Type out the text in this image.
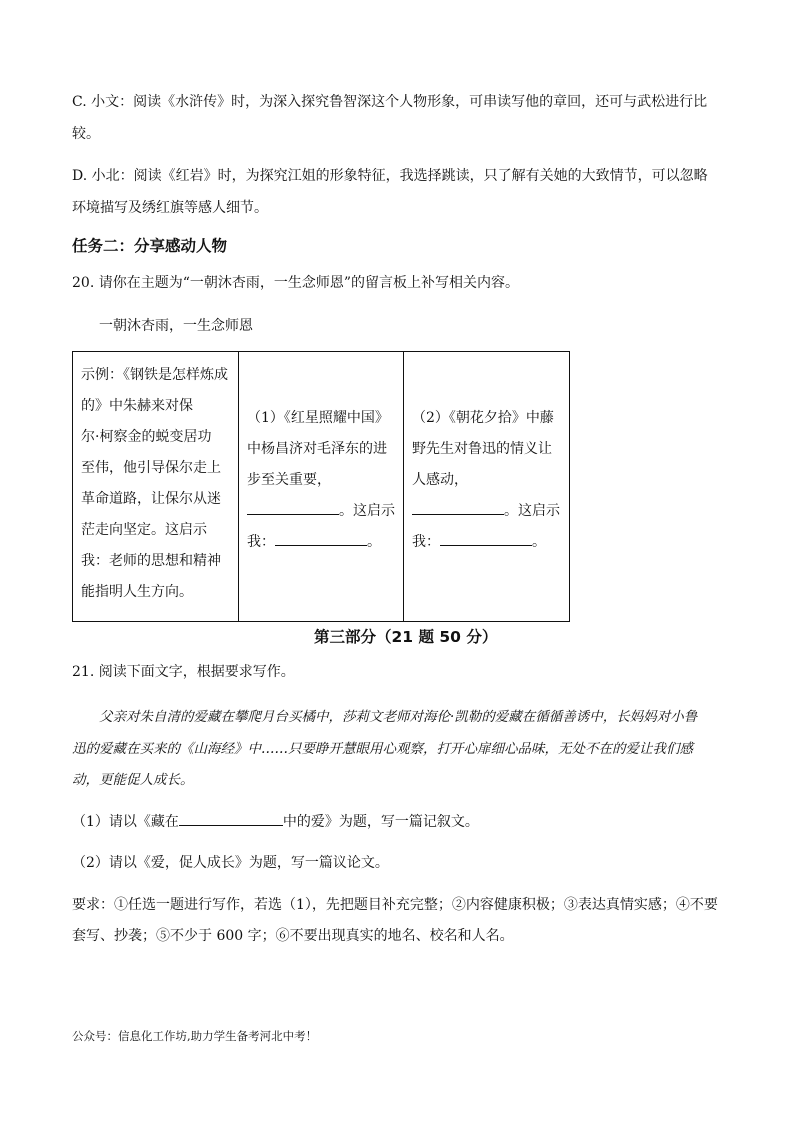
C. 小文：阅读《水浒传》时，为深入探究鲁智深这个人物形象，可串读写他的章回，还可与武松进行比
较。
D. 小北：阅读《红岩》时，为探究江姐的形象特征，我选择跳读，只了解有关她的大致情节，可以忽略
环境描写及绣红旗等感人细节。
任务二：分享感动人物
20. 请你在主题为“一朝沐杏雨，一生念师恩”的留言板上补写相关内容。
一朝沐杏雨，一生念师恩
示例：《钢铁是怎样炼成
的》中朱赫来对保
尔·柯察金的蜕变居功
至伟，他引导保尔走上
革命道路，让保尔从迷
茫走向坚定。这启示
我：老师的思想和精神
能指明人生方向。

（1）《红星照耀中国》
中杨昌济对毛泽东的进
步至关重要，
。这启示
我：	。

（2）《朝花夕拾》中藤
野先生对鲁迅的情义让
人感动，
。这启示
我：	。
第三部分（21 题 50 分）
21. 阅读下面文字，根据要求写作。
父亲对朱自清的爱藏在攀爬月台买橘中，莎莉文老师对海伦·凯勒的爱藏在循循善诱中，长妈妈对小鲁
迅的爱藏在买来的《山海经》中……只要睁开慧眼用心观察，打开心扉细心品味，无处不在的爱让我们感
动，更能促人成长。
（1）请以《藏在	中的爱》为题，写一篇记叙文。
（2）请以《爱，促人成长》为题，写一篇议论文。
要求：①任选一题进行写作，若选（1），先把题目补充完整；②内容健康积极；③表达真情实感；④不要
套写、抄袭；⑤不少于 600 字；⑥不要出现真实的地名、校名和人名。
公众号：信息化工作坊,助力学生备考河北中考！
